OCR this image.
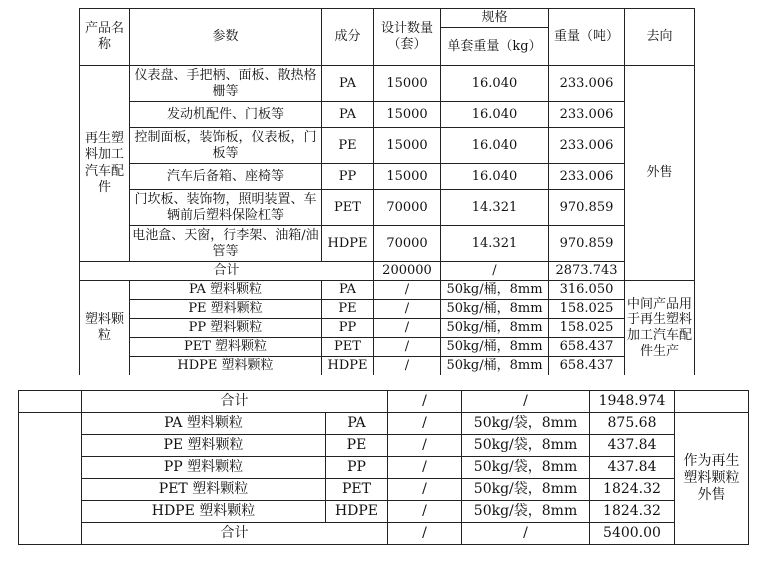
产品名称	参数	成分	设计数量（套）	规格	重量（吨）	去向
				单套重量（kg）		
再生塑料加工汽车配件	仪表盘、手把柄、面板、散热格栅等	PA	15000	16.040	233.006	外售
	发动机配件、门板等	PA	15000	16.040	233.006	
	控制面板，装饰板，仪表板，门板等	PE	15000	16.040	233.006	
	汽车后备箱、座椅等	PP	15000	16.040	233.006	
	门坎板、装饰物，照明装置、车辆前后塑料保险杠等	PET	70000	14.321	970.859	
	电池盒、天窗，行李架、油箱/油管等	HDPE	70000	14.321	970.859	
合计			200000	/	2873.743	
塑料颗粒	PA 塑料颗粒	PA	/	50kg/桶，8mm	316.050	中间产品用于再生塑料加工汽车配件生产
	PE 塑料颗粒	PE	/	50kg/桶，8mm	158.025	
	PP 塑料颗粒	PP	/	50kg/桶，8mm	158.025	
	PET 塑料颗粒	PET	/	50kg/桶，8mm	658.437	
	HDPE 塑料颗粒	HDPE	/	50kg/桶，8mm	658.437	
	合计		/	/	1948.974	
	PA 塑料颗粒	PA	/	50kg/袋，8mm	875.68	作为再生塑料颗粒外售
	PE 塑料颗粒	PE	/	50kg/袋，8mm	437.84	
	PP 塑料颗粒	PP	/	50kg/袋，8mm	437.84	
	PET 塑料颗粒	PET	/	50kg/袋，8mm	1824.32	
	HDPE 塑料颗粒	HDPE	/	50kg/袋，8mm	1824.32	
	合计		/	/	5400.00	
